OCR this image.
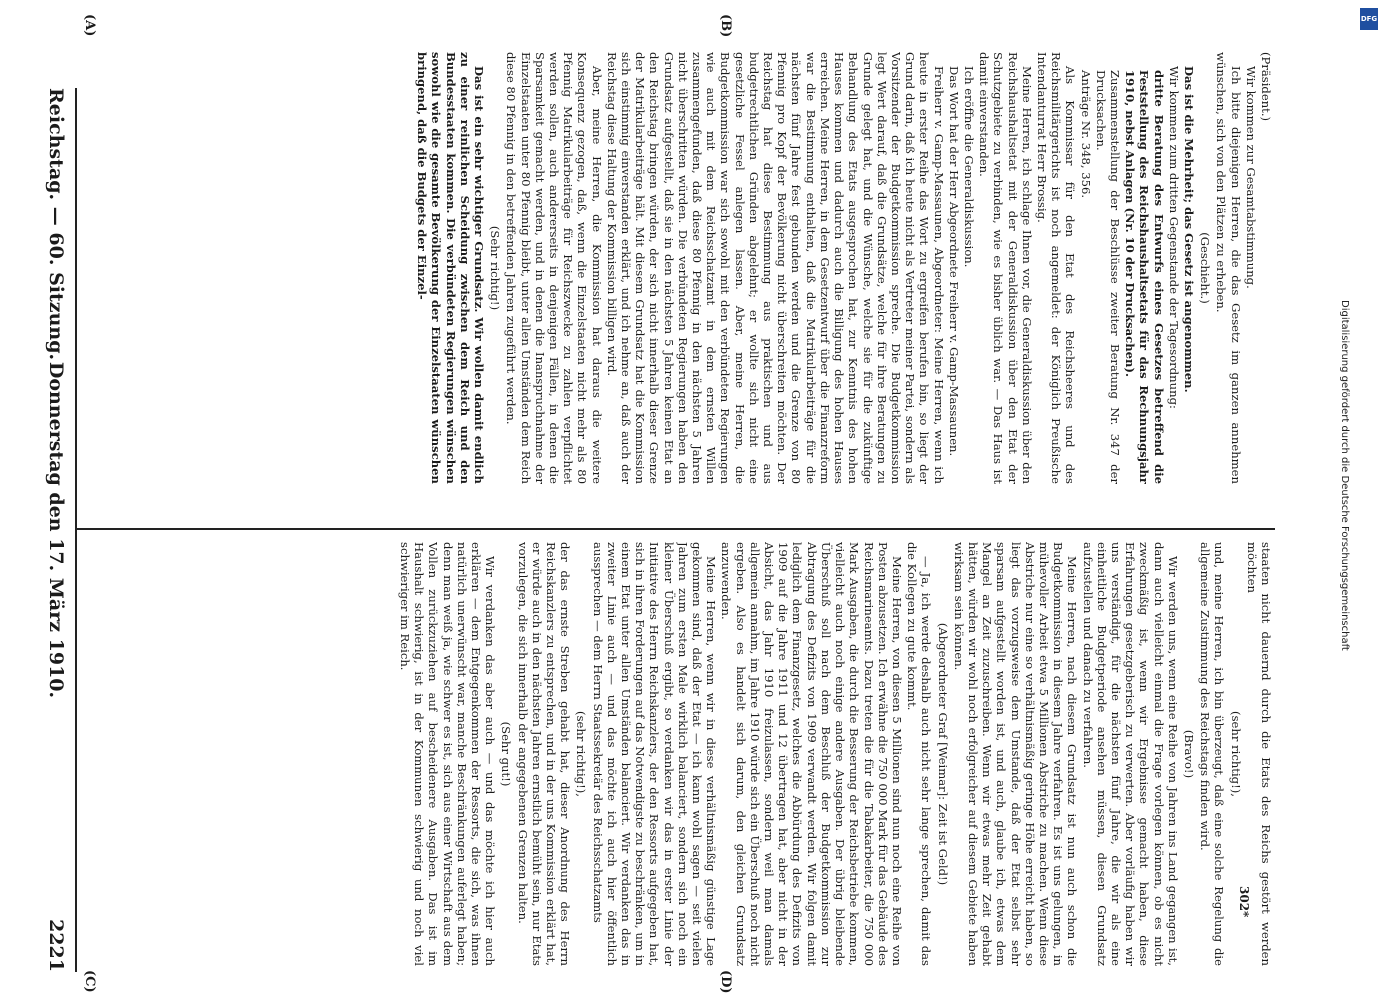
Reichstag. — 60. Sitzung.
Donnerstag den 17. März 1910.
2221
(A)	(B)
(C)	(D)

(Präsident.)

Wir kommen zur Gesamtabstimmung.

Ich bitte diejenigen Herren, die das Gesetz im ganzen annehmen wünschen, sich von den Plätzen zu erheben.

(Geschieht.)

Das ist die Mehrheit; das Gesetz ist angenommen.

Wir kommen zum dritten Gegenstande der Tagesordnung:

dritte Beratung des Entwurfs eines Gesetzes betreffend die Feststellung des Reichshaushaltsetats für das Rechnungsjahr 1910, nebst Anlagen (Nr. 10 der Drucksachen).

Zusammenstellung der Beschlüsse zweiter Beratung Nr. 347 der Drucksachen.

Anträge Nr. 348, 356.

Als Kommissar für den Etat des Reichsheeres und des Reichsmilitärgerichts ist noch angemeldet: der Königlich Preußische Intendanturrat Herr Brossig.

Meine Herren, ich schlage Ihnen vor, die Generaldiskussion über den Reichshaushaltsetat mit der Generaldiskussion über den Etat der Schutzgebiete zu verbinden, wie es bisher üblich war. — Das Haus ist damit einverstanden.

Ich eröffne die Generaldiskussion.

Das Wort hat der Herr Abgeordnete Freiherr v. Gamp-Massaunen.

Freiherr v. Gamp-Massaunen, Abgeordneter: Meine Herren, wenn ich heute in erster Reihe das Wort zu ergreifen berufen bin, so liegt der Grund darin, daß ich heute nicht als Vertreter meiner Partei, sondern als Vorsitzender der Budgetkommission spreche. Die Budgetkommission legt Wert darauf, daß die Grundsätze, welche für ihre Beratungen zu Grunde gelegt hat, und die Wünsche, welche sie für die zukünftige Behandlung des Etats ausgesprochen hat, zur Kenntnis des hohen Hauses kommen und dadurch auch die Billigung des hohen Hauses erreichen. Meine Herren, in dem Gesetzentwurf über die Finanzreform war die Bestimmung enthalten, daß die Matrikularbeiträge für die nächsten fünf Jahre fest gebunden werden und die Grenze von 80 Pfennig pro Kopf der Bevölkerung nicht überschreiten möchten. Der Reichstag hat diese Bestimmung aus praktischen und aus budgetrechtlichen Gründen abgelehnt; er wollte sich nicht eine gesetzliche Fessel anlegen lassen. Aber, meine Herren, die Budgetkommission war sich sowohl mit den verbündeten Regierungen wie auch mit dem Reichsschatzamt in dem ernsten Willen zusammengefunden, daß diese 80 Pfennig in den nächsten 5 Jahren nicht überschritten würden. Die verbündeten Regierungen haben den Grundsatz aufgestellt, daß sie in den nächsten 5 Jahren keinen Etat an den Reichstag bringen würden, der sich nicht innerhalb dieser Grenze der Matrikularbeiträge hält. Mit diesem Grundsatz hat die Kommission sich einstimmig einverstanden erklärt, und ich nehme an, daß auch der Reichstag diese Haltung der Kommission billigen wird.

Aber, meine Herren, die Kommission hat daraus die weitere Konsequenz gezogen, daß, wenn die Einzelstaaten nicht mehr als 80 Pfennig Matrikularbeiträge für Reichszwecke zu zahlen verpflichtet werden sollen, auch andererseits in denjenigen Fällen, in denen die Sparsamkeit gemacht werden, und in denen die Inanspruchnahme der Einzelstaaten unter 80 Pfennig bleibt, unter allen Umständen dem Reich diese 80 Pfennig in den betreffenden Jahren zugeführt werden.

(Sehr richtig!)

Das ist ein sehr wichtiger Grundsatz. Wir wollen damit endlich zu einer reinlichen Scheidung zwischen dem Reich und den Bundesstaaten kommen. Die verbündeten Regierungen wünschen sowohl wie die gesamte Bevölkerung der Einzelstaaten wünschen bringend, daß die Budgets der Einzel-

staaten nicht dauernd durch die Etats des Reichs gestört werden möchten

(sehr richtig!),

und, meine Herren, ich bin überzeugt, daß eine solche Regelung die allgemeine Zustimmung des Reichstags finden wird.

(Bravo!)

Wir werden uns, wenn eine Reihe von Jahren ins Land gegangen ist, dann auch vielleicht einmal die Frage vorlegen können, ob es nicht zweckmäßig ist, wenn wir Ergebnisse gemacht haben, diese Erfahrungen gesetzgeberisch zu verwerten. Aber vorläufig haben wir uns verständigt, für die nächsten fünf Jahre, die wir als eine einheitliche Budgetperiode ansehen müssen, diesen Grundsatz aufzustellen und danach zu verfahren.

Meine Herren, nach diesem Grundsatz ist nun auch schon die Budgetkommission in diesem Jahre verfahren. Es ist uns gelungen, in mühevoller Arbeit etwa 5 Millionen Abstriche zu machen. Wenn diese Abstriche nur eine so verhältnismäßig geringe Höhe erreicht haben, so liegt das vorzugsweise dem Umstande, daß der Etat selbst sehr sparsam aufgestellt worden ist, und auch, glaube ich, etwas dem Mangel an Zeit zuzuschreiben. Wenn wir etwas mehr Zeit gehabt hätten, würden wir wohl noch erfolgreicher auf diesem Gebiete haben wirksam sein können.

(Abgeordneter Graf [Weimar]: Zeit ist Geld!)

— Ja, ich werde deshalb auch nicht sehr lange sprechen, damit das die Kollegen zu gute kommt.

Meine Herren, von diesen 5 Millionen sind nun noch eine Reihe von Posten abzusetzen. Ich erwähne die 750 000 Mark für das Gebäude des Reichsmarineamts. Dazu treten die für die Tabakarbeiter, die 750 000 Mark Ausgaben, die durch die Besserung der Reichsbetriebe kommen, vielleicht auch noch einige andere Ausgaben. Der übrig bleibende Überschuß soll nach dem Beschluß der Budgetkommission zur Abtragung des Defizits von 1909 verwandt werden. Wir folgen damit lediglich dem Finanzgesetz, welches die Abbürdung des Defizits von 1909 auf die Jahre 1911 und 12 übertragen hat, aber nicht in der Absicht, das Jahr 1910 freizulassen, sondern weil man damals allgemein annahm, im Jahre 1910 würde sich ein Überschuß noch nicht ergeben. Also es handelt sich darum, den gleichen Grundsatz anzuwenden.

Meine Herren, wenn wir in diese verhältnismäßig günstige Lage gekommen sind, daß der Etat — ich kann wohl sagen — seit vielen Jahren zum ersten Male wirklich balanciert, sondern sich noch ein kleiner Überschuß ergibt, so verdanken wir das in erster Linie der Initiative des Herrn Reichskanzlers, der den Ressorts aufgegeben hat, sich in ihren Forderungen auf das Notwendigste zu beschränken, um in einem Etat unter allen Umständen balanciert. Wir verdanken das in zweiter Linie auch — und das möchte ich auch hier öffentlich aussprechen — dem Herrn Staatssekretär des Reichsschatzamts

(sehr richtig!),

der das ernste Streben gehabt hat, dieser Anordnung des Herrn Reichskanzlers zu entsprechen, und in der uns Kommission erklärt hat, er würde auch in den nächsten Jahren ernstlich bemüht sein, nur Etats vorzulegen, die sich innerhalb der angegebenen Grenzen halten.

(Sehr gut!)

Wir verdanken das aber auch — und das möchte ich hier auch erklären — dem Entgegenkommen der Ressorts, die sich, was ihnen natürlich unerwünscht war, manche Beschränkungen auferlegt haben; denn man weiß ja, wie schwer es ist, sich aus einer Wirtschaft aus dem Vollen zurückzuziehen auf bescheidenere Ausgaben. Das ist im Haushalt schwierig, ist in der Kommunen schwierig und noch viel schwieriger im Reich.

302*
Digitalisierung gefördert durch die Deutsche Forschungsgemeinschaft
DFG
